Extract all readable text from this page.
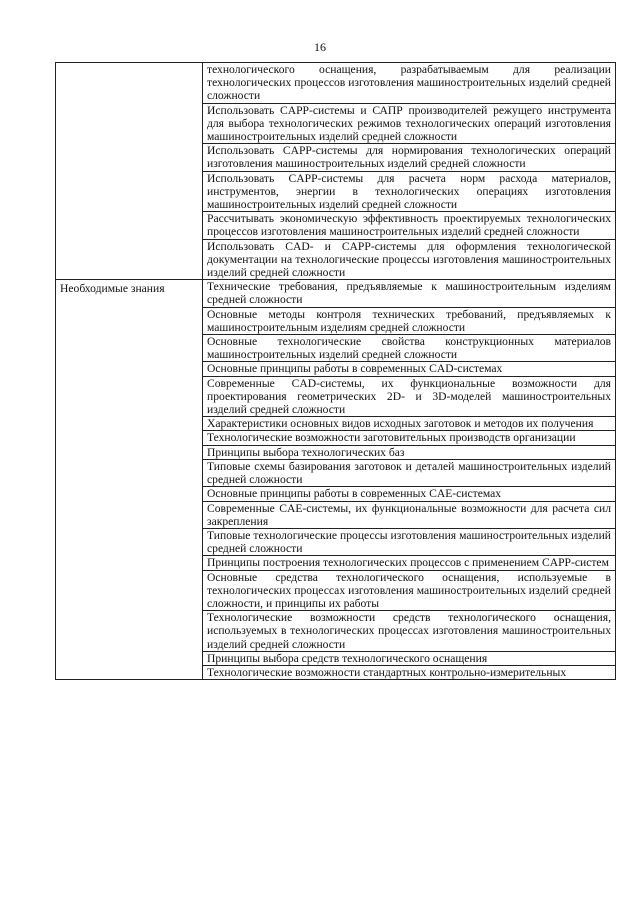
16
	технологического оснащения, разрабатываемым для реализации технологических процессов изготовления машиностроительных изделий средней сложности
	Использовать CAPP-системы и САПР производителей режущего инструмента для выбора технологических режимов технологических операций изготовления машиностроительных изделий средней сложности
	Использовать CAPP-системы для нормирования технологических операций изготовления машиностроительных изделий средней сложности
	Использовать CAPP-системы для расчета норм расхода материалов, инструментов, энергии в технологических операциях изготовления машиностроительных изделий средней сложности
	Рассчитывать экономическую эффективность проектируемых технологических процессов изготовления машиностроительных изделий средней сложности
	Использовать CAD- и CAPP-системы для оформления технологической документации на технологические процессы изготовления машиностроительных изделий средней сложности
Необходимые знания	Технические требования, предъявляемые к машиностроительным изделиям средней сложности
	Основные методы контроля технических требований, предъявляемых к машиностроительным изделиям средней сложности
	Основные технологические свойства конструкционных материалов машиностроительных изделий средней сложности
	Основные принципы работы в современных CAD-системах
	Современные CAD-системы, их функциональные возможности для проектирования геометрических 2D- и 3D-моделей машиностроительных изделий средней сложности
	Характеристики основных видов исходных заготовок и методов их получения
	Технологические возможности заготовительных производств организации
	Принципы выбора технологических баз
	Типовые схемы базирования заготовок и деталей машиностроительных изделий средней сложности
	Основные принципы работы в современных CAE-системах
	Современные CAE-системы, их функциональные возможности для расчета сил закрепления
	Типовые технологические процессы изготовления машиностроительных изделий средней сложности
	Принципы построения технологических процессов с применением CAPP-систем
	Основные средства технологического оснащения, используемые в технологических процессах изготовления машиностроительных изделий средней сложности, и принципы их работы
	Технологические возможности средств технологического оснащения, используемых в технологических процессах изготовления машиностроительных изделий средней сложности
	Принципы выбора средств технологического оснащения
	Технологические возможности стандартных контрольно-измерительных
